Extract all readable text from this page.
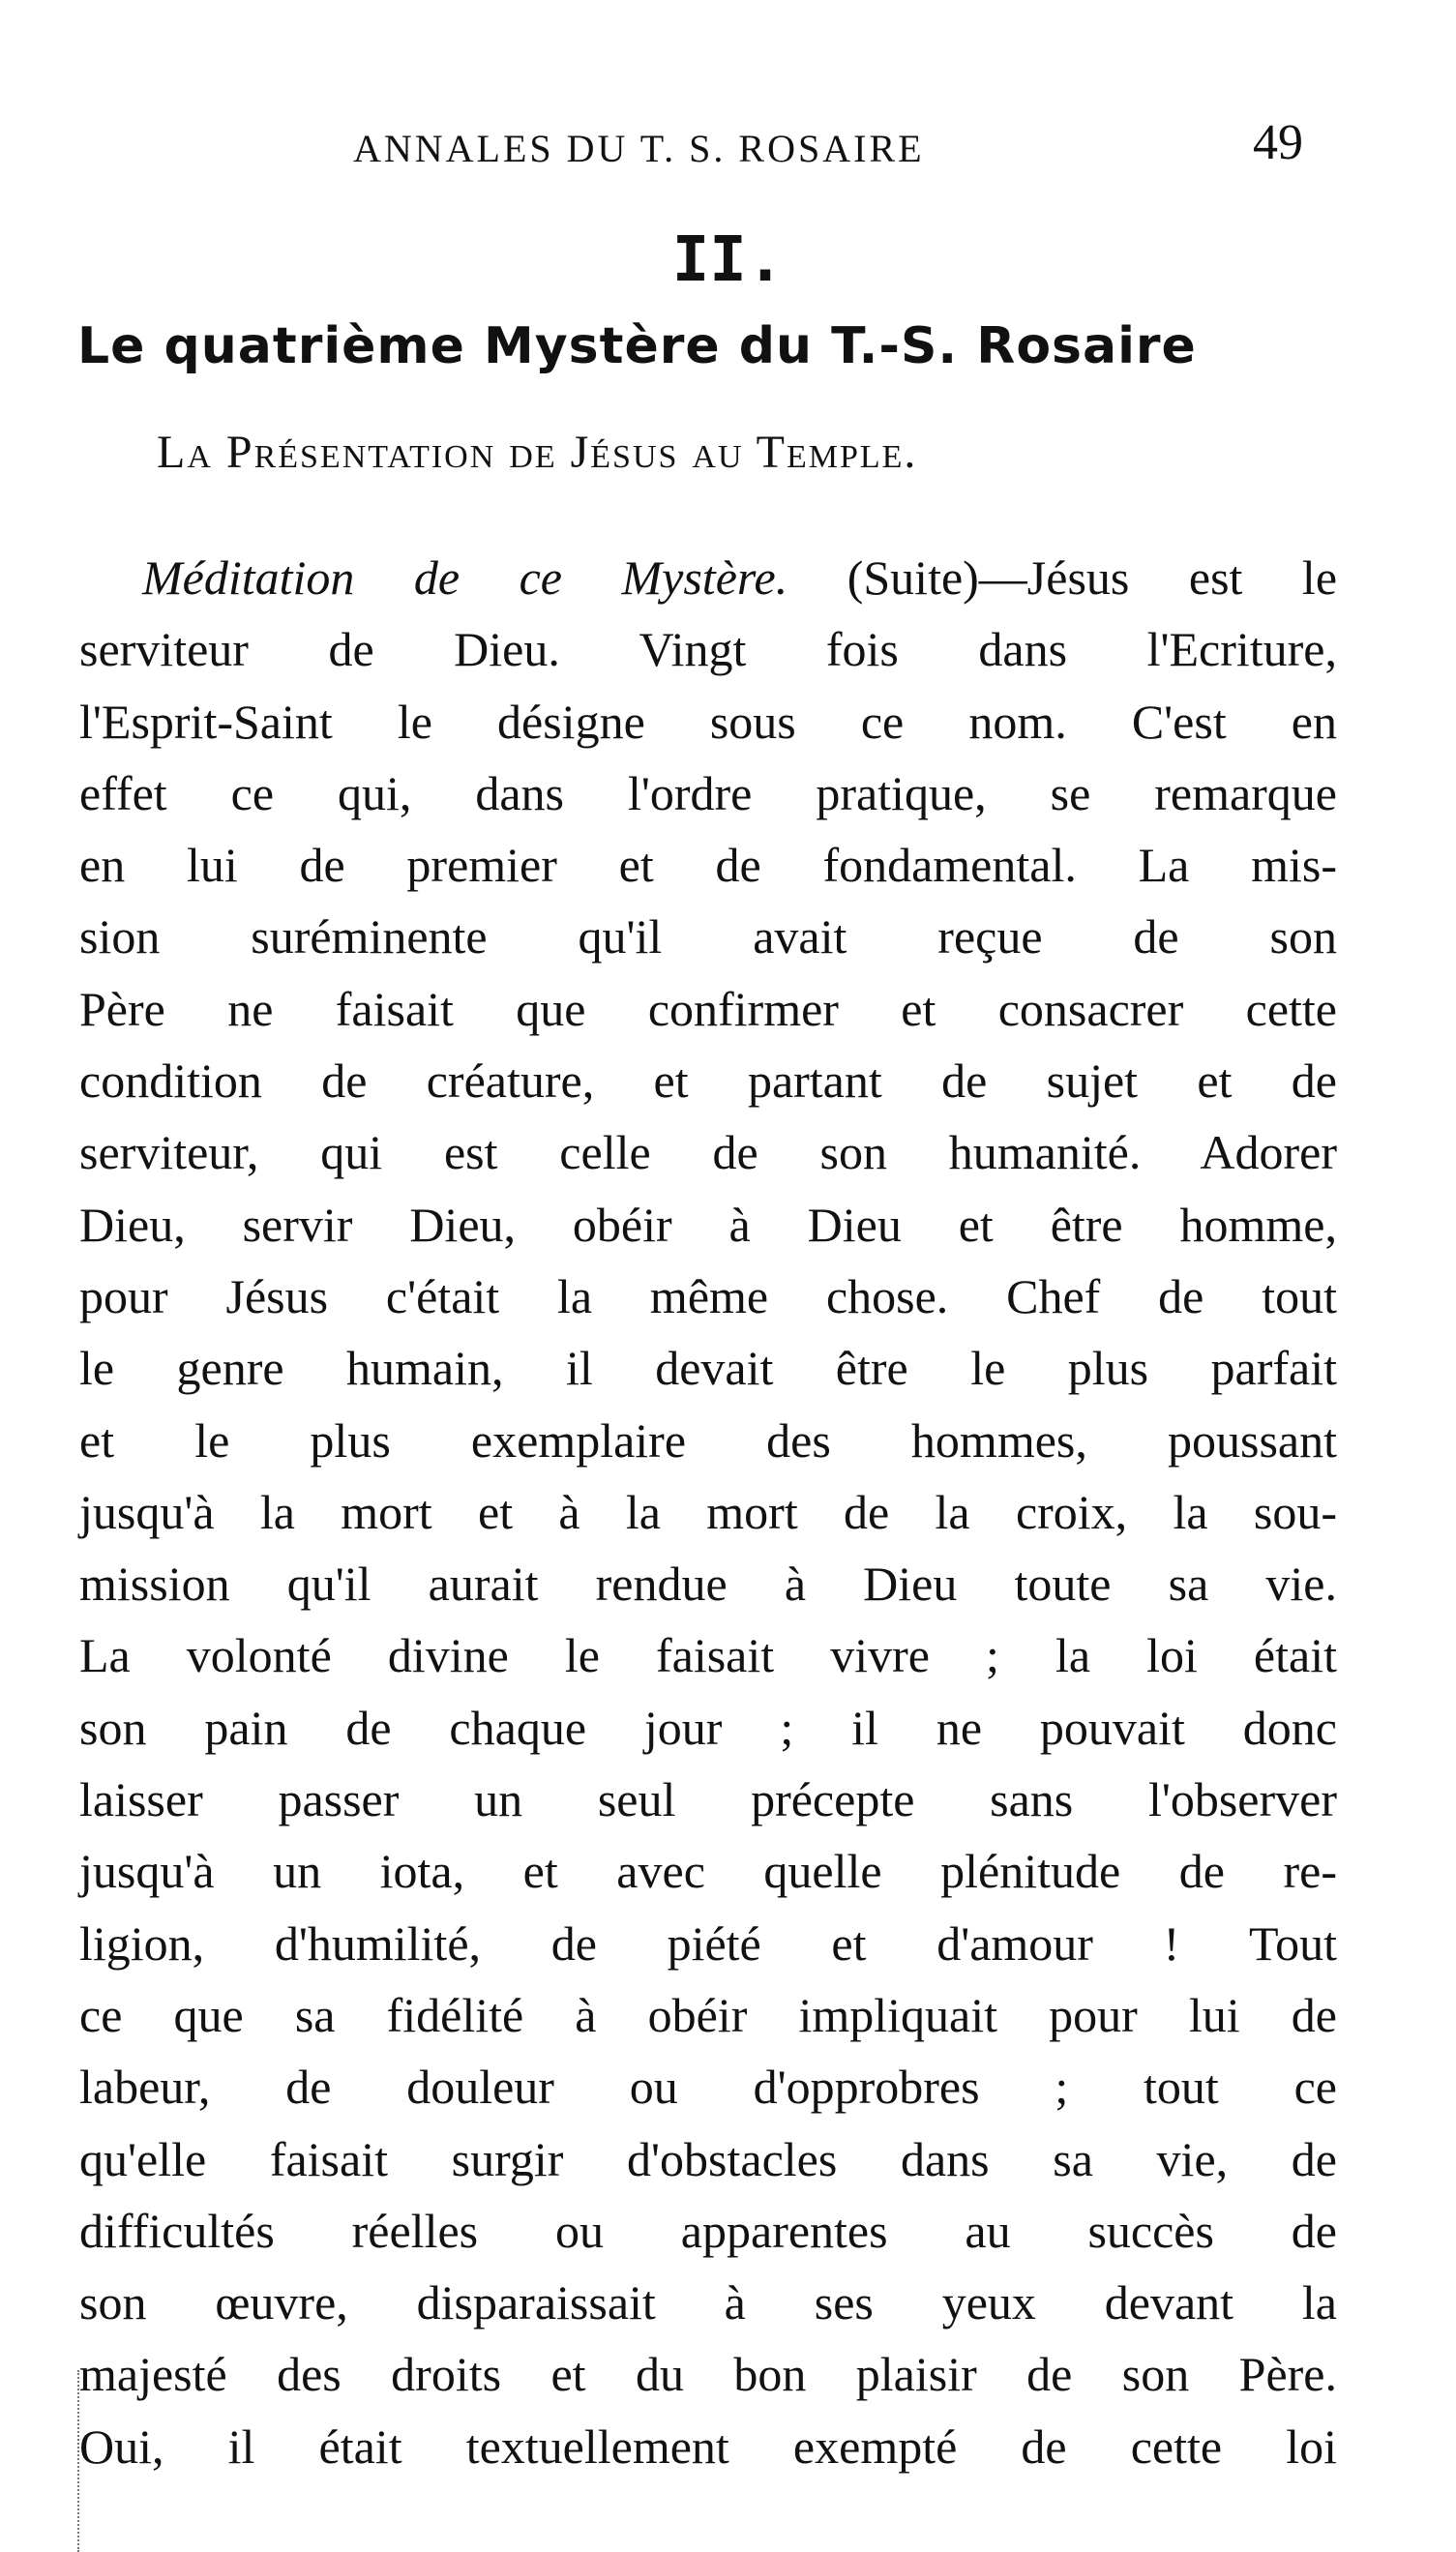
ANNALES DU T. S. ROSAIRE	49
II.
Le quatrième Mystère du T.-S. Rosaire
La Présentation de Jésus au Temple.
Méditation de ce Mystère. (Suite)—Jésus est le
serviteur de Dieu. Vingt fois dans l'Ecriture,
l'Esprit-Saint le désigne sous ce nom. C'est en
effet ce qui, dans l'ordre pratique, se remarque
en lui de premier et de fondamental. La mis-
sion suréminente qu'il avait reçue de son
Père ne faisait que confirmer et consacrer cette
condition de créature, et partant de sujet et de
serviteur, qui est celle de son humanité. Adorer
Dieu, servir Dieu, obéir à Dieu et être homme,
pour Jésus c'était la même chose. Chef de tout
le genre humain, il devait être le plus parfait
et le plus exemplaire des hommes, poussant
jusqu'à la mort et à la mort de la croix, la sou-
mission qu'il aurait rendue à Dieu toute sa vie.
La volonté divine le faisait vivre ; la loi était
son pain de chaque jour ; il ne pouvait donc
laisser passer un seul précepte sans l'observer
jusqu'à un iota, et avec quelle plénitude de re-
ligion, d'humilité, de piété et d'amour ! Tout
ce que sa fidélité à obéir impliquait pour lui de
labeur, de douleur ou d'opprobres ; tout ce
qu'elle faisait surgir d'obstacles dans sa vie, de
difficultés réelles ou apparentes au succès de
son œuvre, disparaissait à ses yeux devant la
majesté des droits et du bon plaisir de son Père.
Oui, il était textuellement exempté de cette loi
